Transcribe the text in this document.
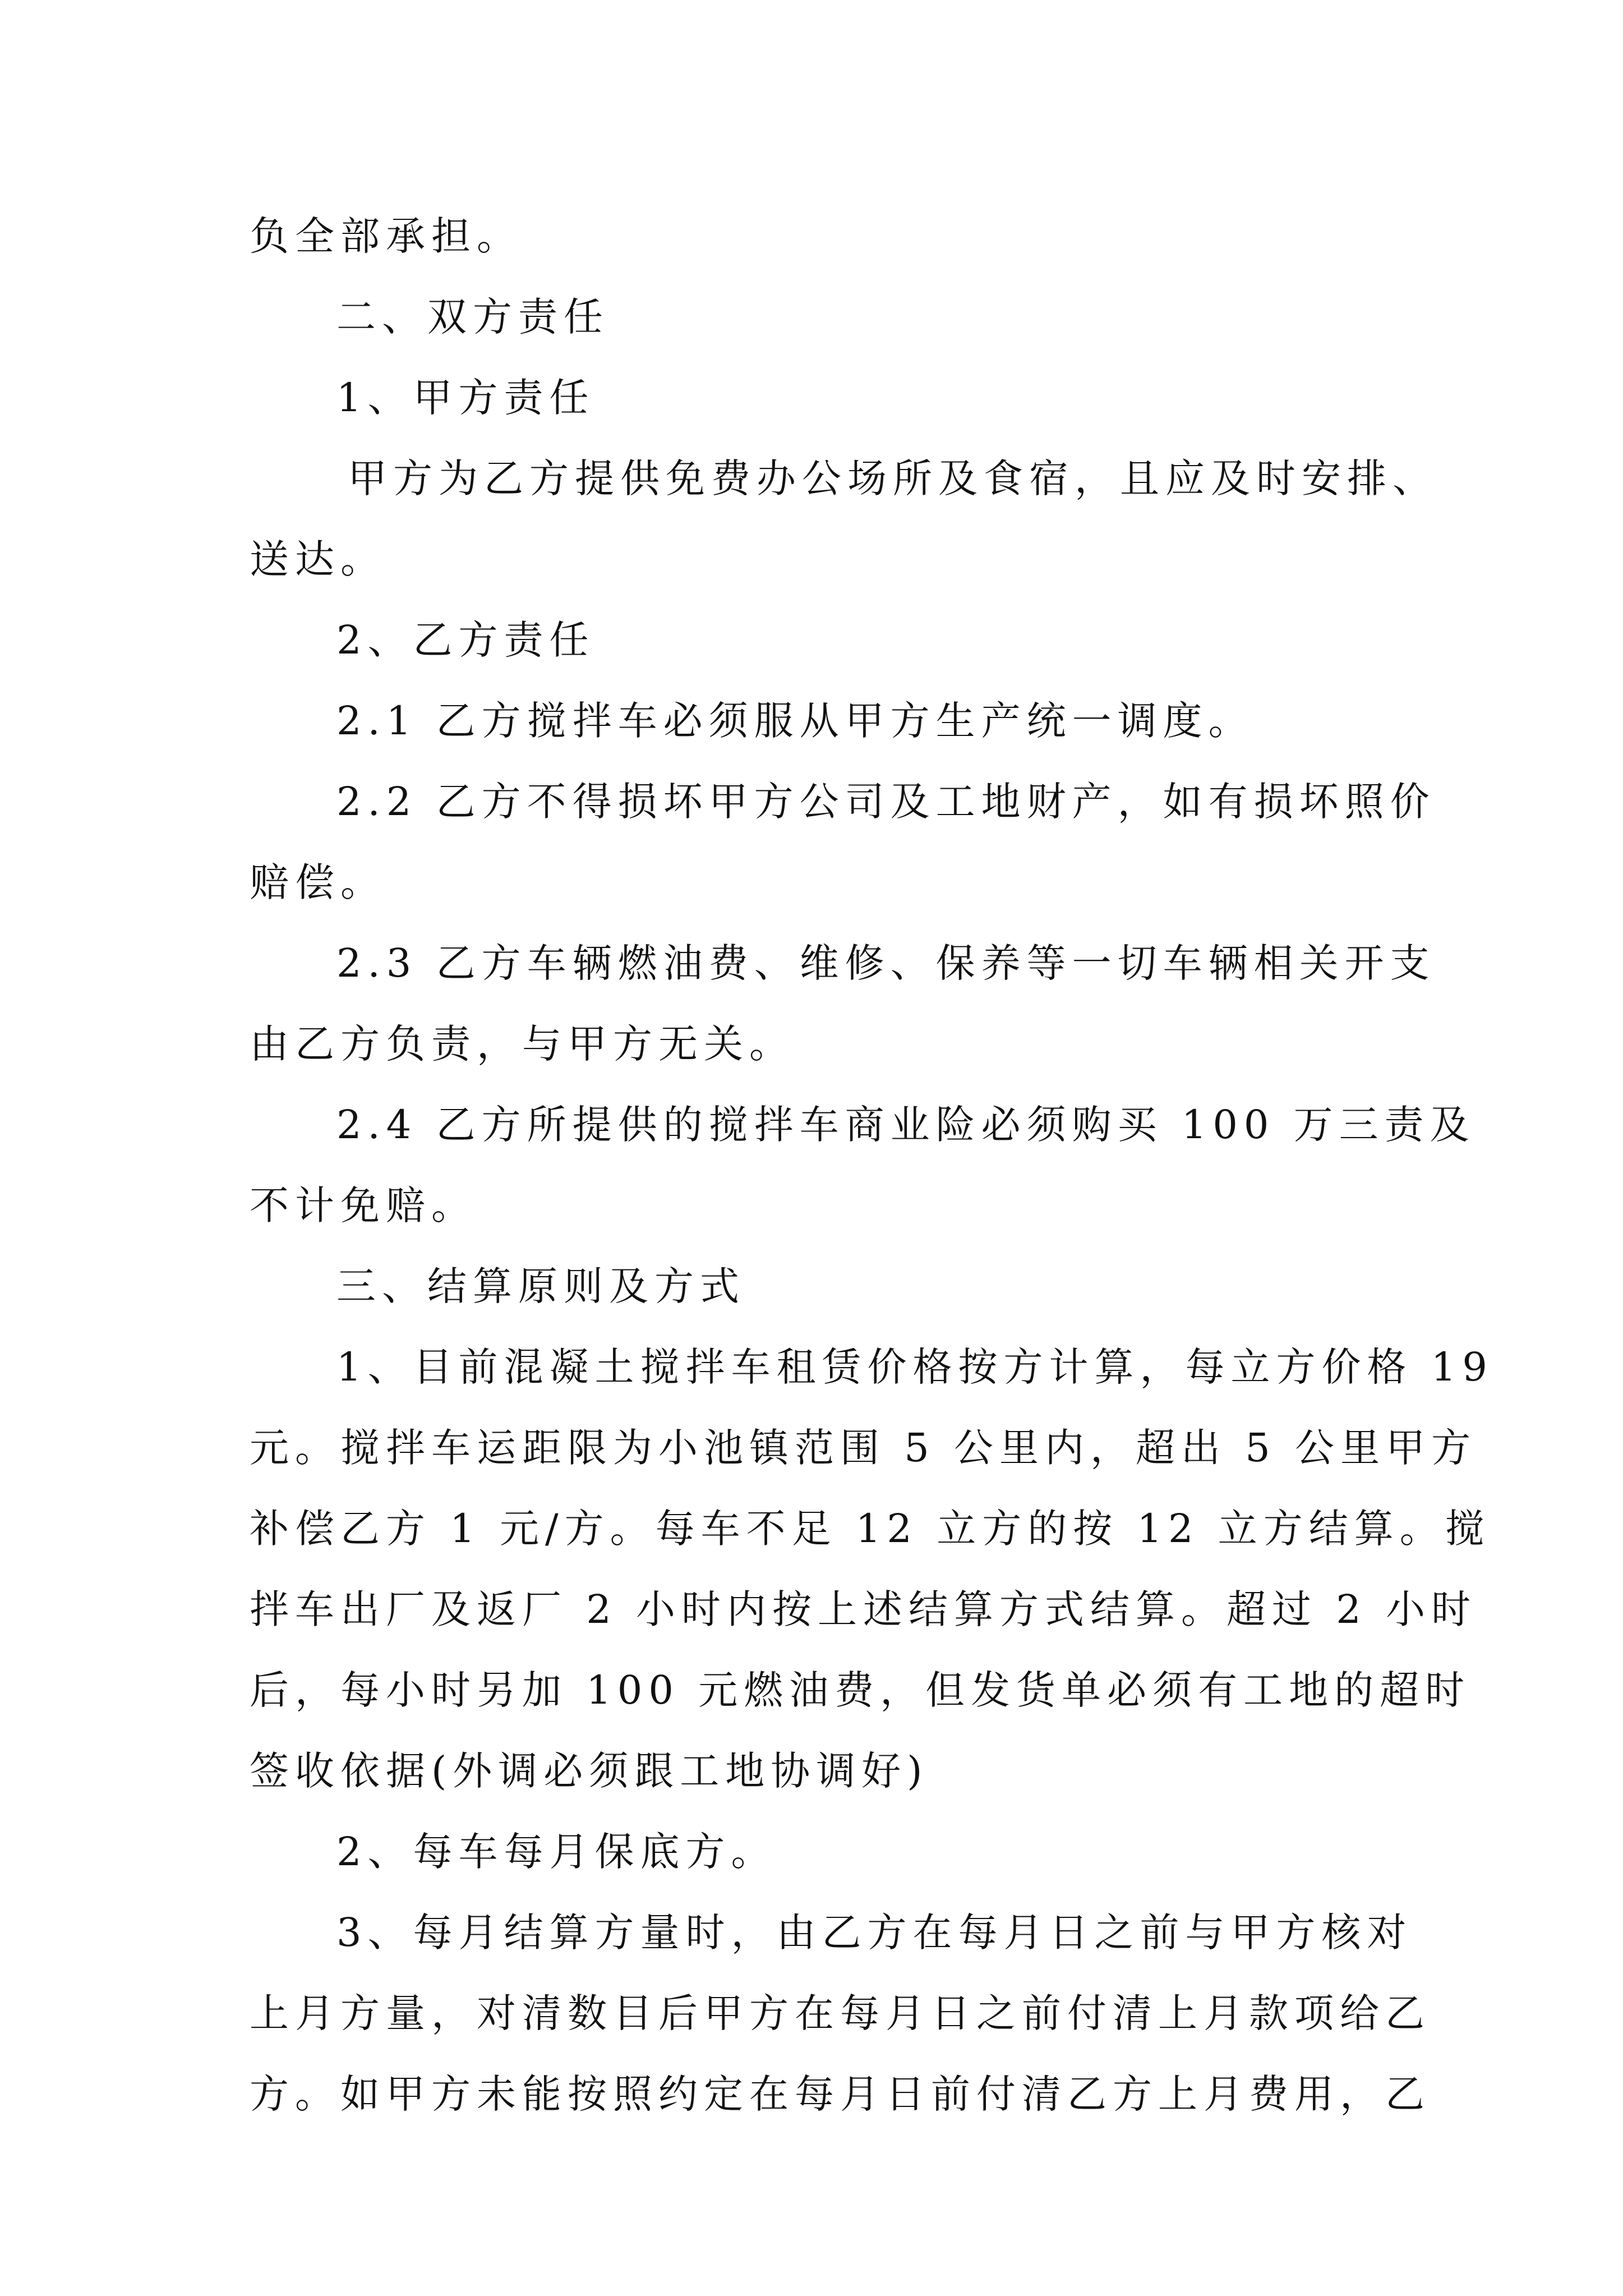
负全部承担。

二、双方责任

1、甲方责任

甲方为乙方提供免费办公场所及食宿，且应及时安排、

送达。

2、乙方责任

2.1 乙方搅拌车必须服从甲方生产统一调度。

2.2 乙方不得损坏甲方公司及工地财产，如有损坏照价

赔偿。

2.3 乙方车辆燃油费、维修、保养等一切车辆相关开支

由乙方负责，与甲方无关。

2.4 乙方所提供的搅拌车商业险必须购买 100 万三责及

不计免赔。

三、结算原则及方式

1、目前混凝土搅拌车租赁价格按方计算，每立方价格 19

元。搅拌车运距限为小池镇范围 5 公里内，超出 5 公里甲方

补偿乙方 1 元/方。每车不足 12 立方的按 12 立方结算。搅

拌车出厂及返厂 2 小时内按上述结算方式结算。超过 2 小时

后，每小时另加 100 元燃油费，但发货单必须有工地的超时

签收依据(外调必须跟工地协调好)

2、每车每月保底方。

3、每月结算方量时，由乙方在每月日之前与甲方核对

上月方量，对清数目后甲方在每月日之前付清上月款项给乙

方。如甲方未能按照约定在每月日前付清乙方上月费用，乙
